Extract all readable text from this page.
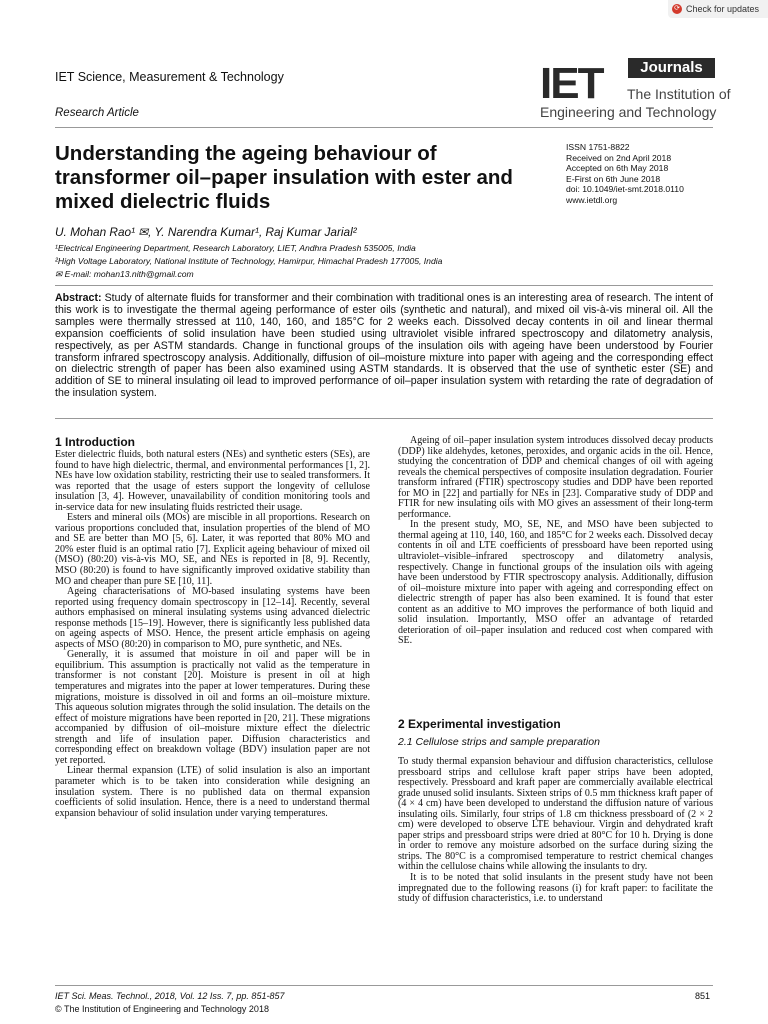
⟳ Check for updates
IET Science, Measurement & Technology
Research Article
IET	Journals
The Institution of
Engineering and Technology
Understanding the ageing behaviour of transformer oil–paper insulation with ester and mixed dielectric fluids
ISSN 1751-8822
Received on 2nd April 2018
Accepted on 6th May 2018
E-First on 6th June 2018
doi: 10.1049/iet-smt.2018.0110
www.ietdl.org
U. Mohan Rao¹ ✉, Y. Narendra Kumar¹, Raj Kumar Jarial²
¹Electrical Engineering Department, Research Laboratory, LIET, Andhra Pradesh 535005, India
²High Voltage Laboratory, National Institute of Technology, Hamirpur, Himachal Pradesh 177005, India
✉ E-mail: mohan13.nith@gmail.com
Abstract: Study of alternate fluids for transformer and their combination with traditional ones is an interesting area of research. The intent of this work is to investigate the thermal ageing performance of ester oils (synthetic and natural), and mixed oil vis-à-vis mineral oil. All the samples were thermally stressed at 110, 140, 160, and 185°C for 2 weeks each. Dissolved decay contents in oil and linear thermal expansion coefficients of solid insulation have been studied using ultraviolet visible infrared spectroscopy and dilatometry analysis, respectively, as per ASTM standards. Change in functional groups of the insulation oils with ageing have been understood by Fourier transform infrared spectroscopy analysis. Additionally, diffusion of oil–moisture mixture into paper with ageing and the corresponding effect on dielectric strength of paper has been also examined using ASTM standards. It is observed that the use of synthetic ester (SE) and addition of SE to mineral insulating oil lead to improved performance of oil–paper insulation system with retarding the rate of degradation of the insulation system.
1 Introduction

Ester dielectric fluids, both natural esters (NEs) and synthetic esters (SEs), are found to have high dielectric, thermal, and environmental performances [1, 2]. NEs have low oxidation stability, restricting their use to sealed transformers. It was reported that the usage of esters support the longevity of cellulose insulation [3, 4]. However, unavailability of condition monitoring tools and in-service data for new insulating fluids restricted their usage.

Esters and mineral oils (MOs) are miscible in all proportions. Research on various proportions concluded that, insulation properties of the blend of MO and SE are better than MO [5, 6]. Later, it was reported that 80% MO and 20% ester fluid is an optimal ratio [7]. Explicit ageing behaviour of mixed oil (MSO) (80:20) vis-à-vis MO, SE, and NEs is reported in [8, 9]. Recently, MSO (80:20) is found to have significantly improved oxidative stability than MO and cheaper than pure SE [10, 11].

Ageing characterisations of MO-based insulating systems have been reported using frequency domain spectroscopy in [12–14]. Recently, several authors emphasised on mineral insulating systems using advanced dielectric response methods [15–19]. However, there is significantly less published data on ageing aspects of MSO. Hence, the present article emphasis on ageing aspects of MSO (80:20) in comparison to MO, pure synthetic, and NEs.

Generally, it is assumed that moisture in oil and paper will be in equilibrium. This assumption is practically not valid as the temperature in transformer is not constant [20]. Moisture is present in oil at high temperatures and migrates into the paper at lower temperatures. During these migrations, moisture is dissolved in oil and forms an oil–moisture mixture. This aqueous solution migrates through the solid insulation. The details on the effect of moisture migrations have been reported in [20, 21]. These migrations accompanied by diffusion of oil–moisture mixture effect the dielectric strength and life of insulation paper. Diffusion characteristics and corresponding effect on breakdown voltage (BDV) insulation paper are not yet reported.

Linear thermal expansion (LTE) of solid insulation is also an important parameter which is to be taken into consideration while designing an insulation system. There is no published data on thermal expansion coefficients of solid insulation. Hence, there is a need to understand thermal expansion behaviour of solid insulation under varying temperatures.

Ageing of oil–paper insulation system introduces dissolved decay products (DDP) like aldehydes, ketones, peroxides, and organic acids in the oil. Hence, studying the concentration of DDP and chemical changes of oil with ageing reveals the chemical perspectives of composite insulation degradation. Fourier transform infrared (FTIR) spectroscopy studies and DDP have been reported for MO in [22] and partially for NEs in [23]. Comparative study of DDP and FTIR for new insulating oils with MO gives an assessment of their long-term performance.

In the present study, MO, SE, NE, and MSO have been subjected to thermal ageing at 110, 140, 160, and 185°C for 2 weeks each. Dissolved decay contents in oil and LTE coefficients of pressboard have been reported using ultraviolet–visible–infrared spectroscopy and dilatometry analysis, respectively. Change in functional groups of the insulation oils with ageing have been understood by FTIR spectroscopy analysis. Additionally, diffusion of oil–moisture mixture into paper with ageing and corresponding effect on dielectric strength of paper has also been examined. It is found that ester content as an additive to MO improves the performance of both liquid and solid insulation. Importantly, MSO offer an advantage of retarded deterioration of oil–paper insulation and reduced cost when compared with SE.

2 Experimental investigation
2.1 Cellulose strips and sample preparation

To study thermal expansion behaviour and diffusion characteristics, cellulose pressboard strips and cellulose kraft paper strips have been adopted, respectively. Pressboard and kraft paper are commercially available electrical grade unused solid insulants. Sixteen strips of 0.5 mm thickness kraft paper of (4 × 4 cm) have been developed to understand the diffusion nature of various insulating oils. Similarly, four strips of 1.8 cm thickness pressboard of (2 × 2 cm) were developed to observe LTE behaviour. Virgin and dehydrated kraft paper strips and pressboard strips were dried at 80°C for 10 h. Drying is done in order to remove any moisture adsorbed on the surface during sizing the strips. The 80°C is a compromised temperature to restrict chemical changes within the cellulose chains while allowing the insulants to dry.

It is to be noted that solid insulants in the present study have not been impregnated due to the following reasons (i) for kraft paper: to facilitate the study of diffusion characteristics, i.e. to understand

IET Sci. Meas. Technol., 2018, Vol. 12 Iss. 7, pp. 851-857
© The Institution of Engineering and Technology 2018
851
